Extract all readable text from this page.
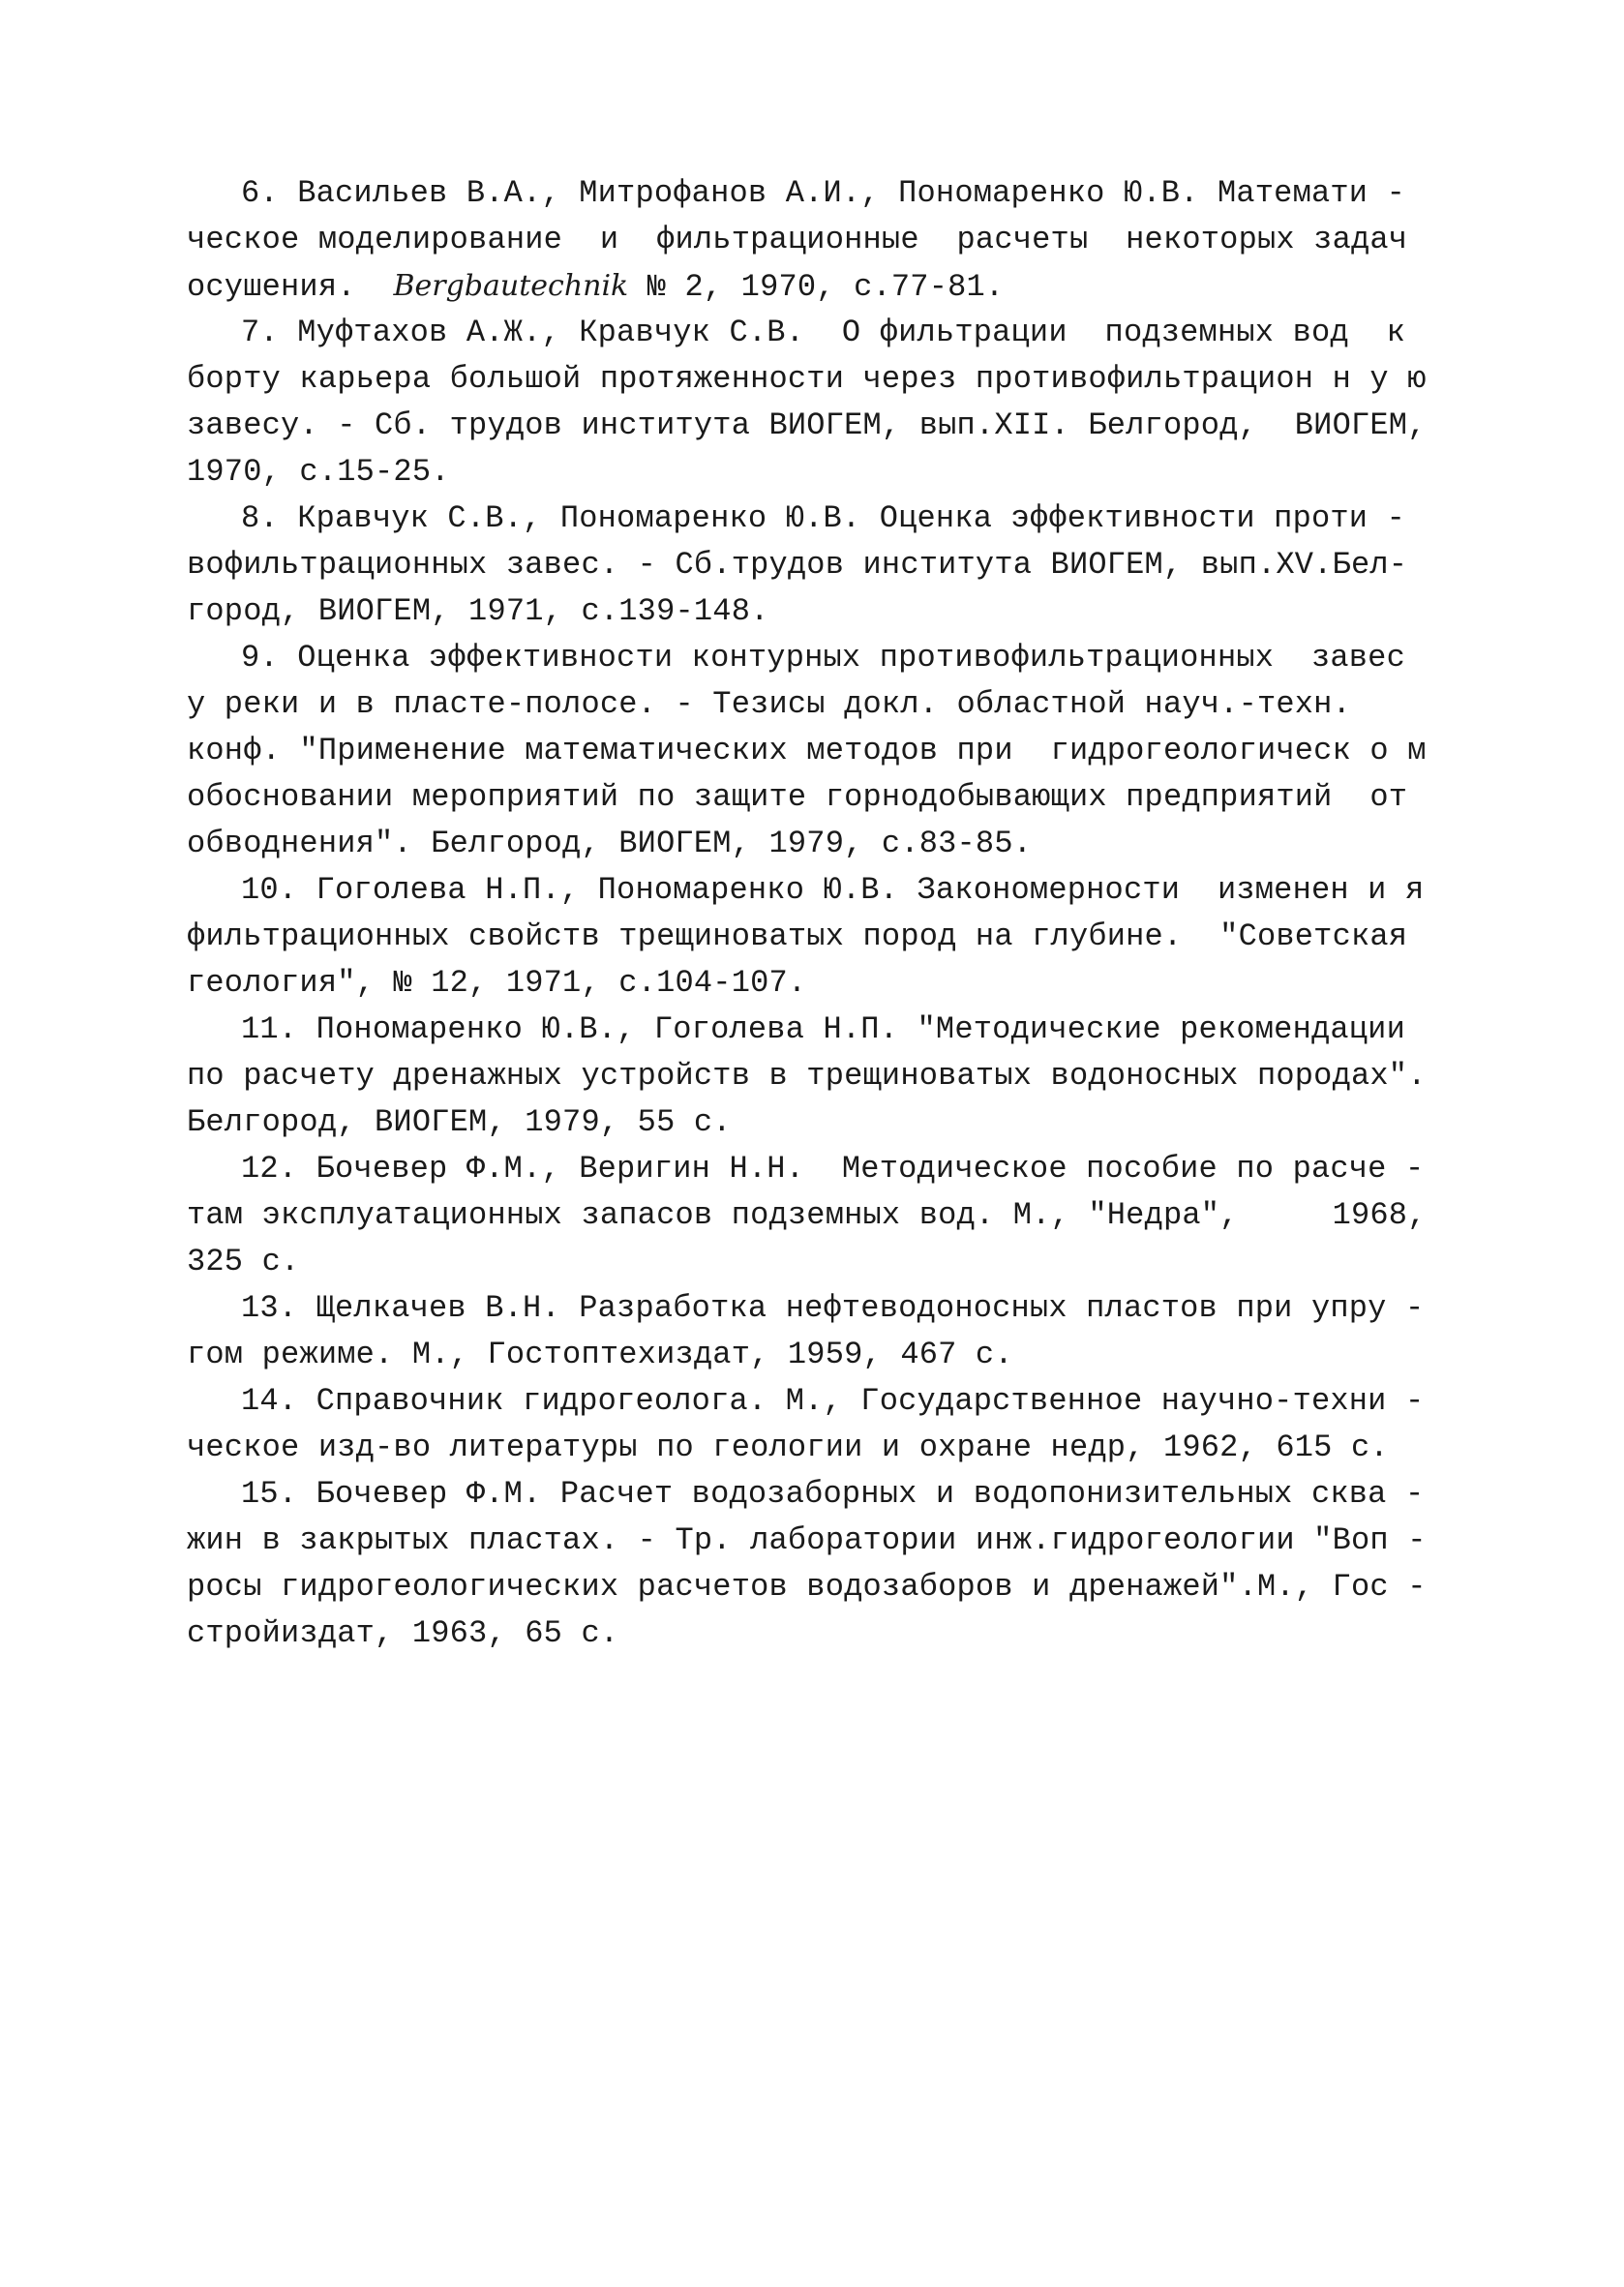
6. Васильев В.А., Митрофанов А.И., Пономаренко Ю.В. Математи -
ческое моделирование  и  фильтрационные  расчеты  некоторых задач
осушения. Bergbautechnik № 2, 1970, с.77-81.
7. Муфтахов А.Ж., Кравчук С.В.  О фильтрации  подземных вод  к
борту карьера большой протяженности через противофильтрацион н у ю
завесу. - Сб. трудов института ВИОГЕМ, вып.XII. Белгород,  ВИОГЕМ,
1970, с.15-25.
8. Кравчук С.В., Пономаренко Ю.В. Оценка эффективности проти -
вофильтрационных завес. - Сб.трудов института ВИОГЕМ, вып.XV.Бел-
город, ВИОГЕМ, 1971, с.139-148.
9. Оценка эффективности контурных противофильтрационных  завес
у реки и в пласте-полосе. - Тезисы докл. областной науч.-техн.
конф. "Применение математических методов при  гидрогеологическ о м
обосновании мероприятий по защите горнодобывающих предприятий  от
обводнения". Белгород, ВИОГЕМ, 1979, с.83-85.
10. Гоголева Н.П., Пономаренко Ю.В. Закономерности  изменен и я
фильтрационных свойств трещиноватых пород на глубине.  "Советская
геология", № 12, 1971, с.104-107.
11. Пономаренко Ю.В., Гоголева Н.П. "Методические рекомендации
по расчету дренажных устройств в трещиноватых водоносных породах".
Белгород, ВИОГЕМ, 1979, 55 с.
12. Бочевер Ф.М., Веригин Н.Н.  Методическое пособие по расче -
там эксплуатационных запасов подземных вод. М., "Недра",     1968,
325 с.
13. Щелкачев В.Н. Разработка нефтеводоносных пластов при упру -
гом режиме. М., Гостоптехиздат, 1959, 467 с.
14. Справочник гидрогеолога. М., Государственное научно-техни -
ческое изд-во литературы по геологии и охране недр, 1962, 615 с.
15. Бочевер Ф.М. Расчет водозаборных и водопонизительных сква -
жин в закрытых пластах. - Тр. лаборатории инж.гидрогеологии "Воп -
росы гидрогеологических расчетов водозаборов и дренажей".М., Гос -
стройиздат, 1963, 65 с.
